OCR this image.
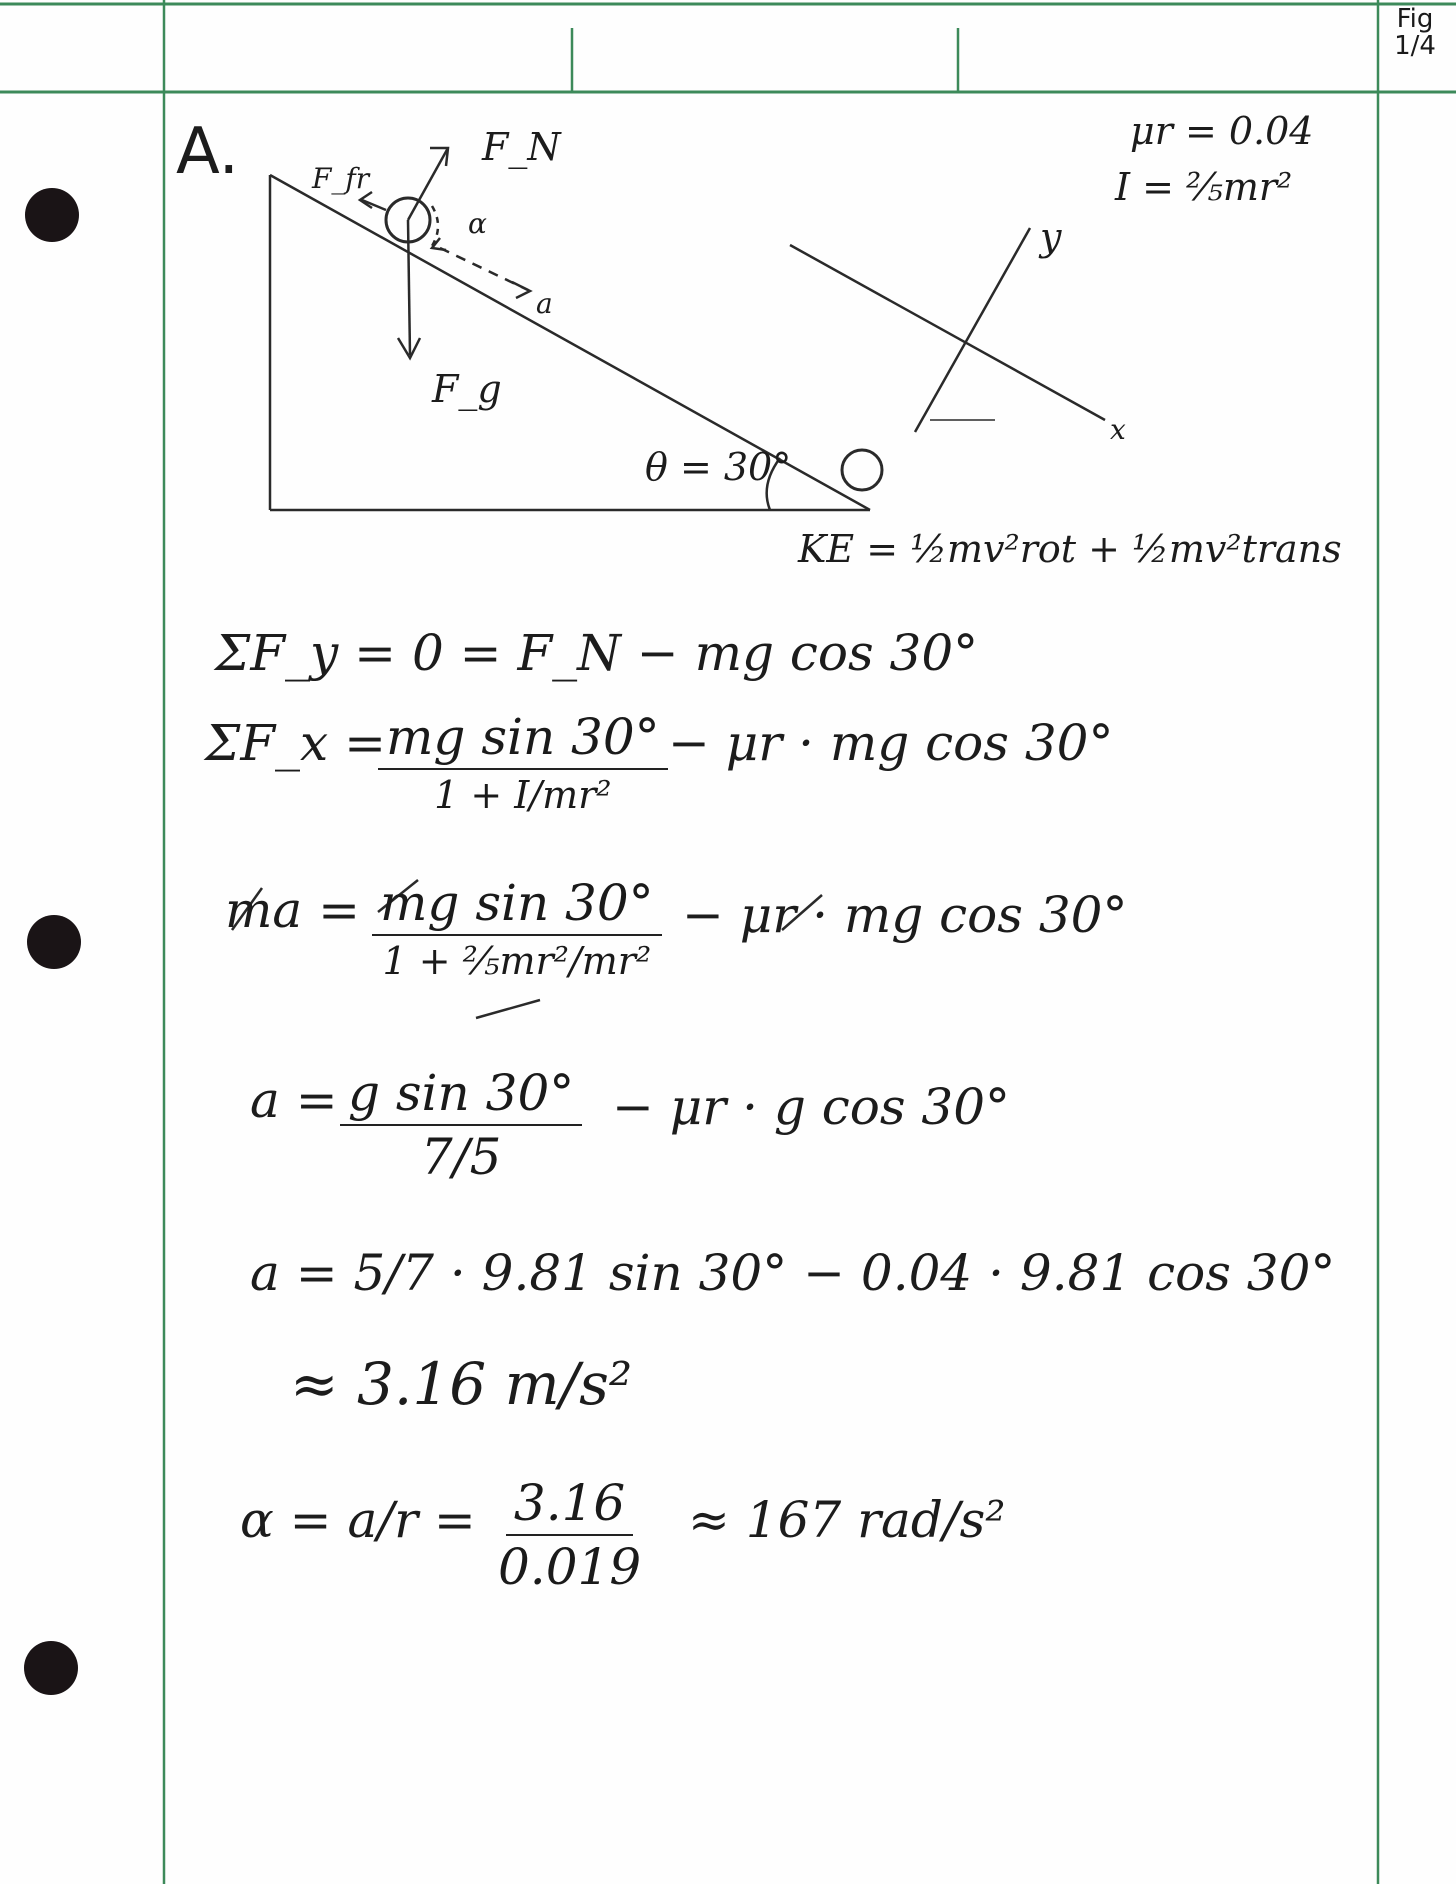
Fig
1/4
A.	F_N
F_fr
F_g
α
a
θ = 30°
y
x
μr = 0.04
I = ⅖mr²
KE = ½mv²rot + ½mv²trans
ΣF_y = 0 = F_N − mg cos 30°
ΣF_x = mg sin 30°
1 + I/mr²
− μr · mg cos 30°
ma = mg sin 30°
1 + ⅖mr²/mr²
− μr · mg cos 30°
$a = \frac{\text{g sin 30°}}{7/5} - \mu r \cdot g$ cos 30°
a = 5/7 · 9.81 sin 30° − 0.04 · 9.81 cos 30°
≈ 3.16 m/s²
$\alpha = a/r = \frac{3.16}{0.019} \approx 167$ rad/s²
